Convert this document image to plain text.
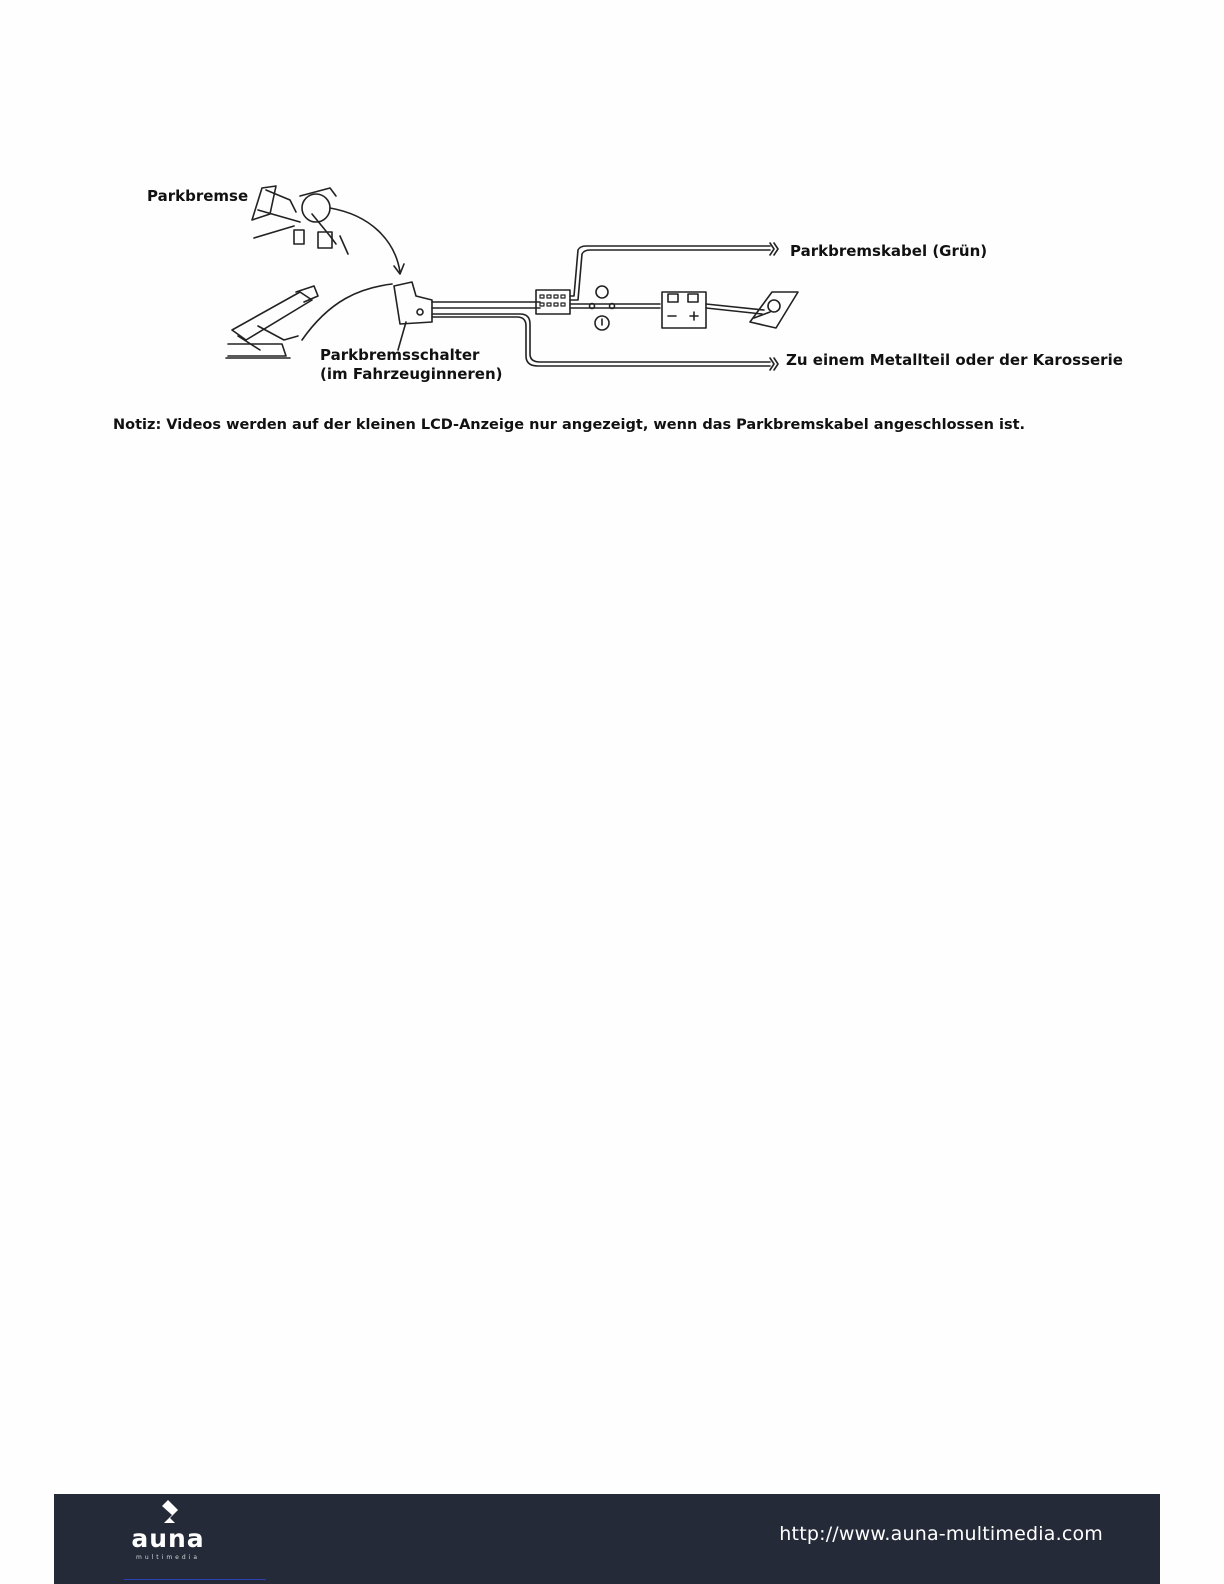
Parkbremse

Parkbremsschalter

(im Fahrzeuginneren)

Parkbremskabel (Grün)

Zu einem Metallteil oder der Karosserie

Notiz: Videos werden auf der kleinen LCD-Anzeige nur angezeigt, wenn das Parkbremskabel angeschlossen ist.

auna

multimedia

http://www.auna-multimedia.com
